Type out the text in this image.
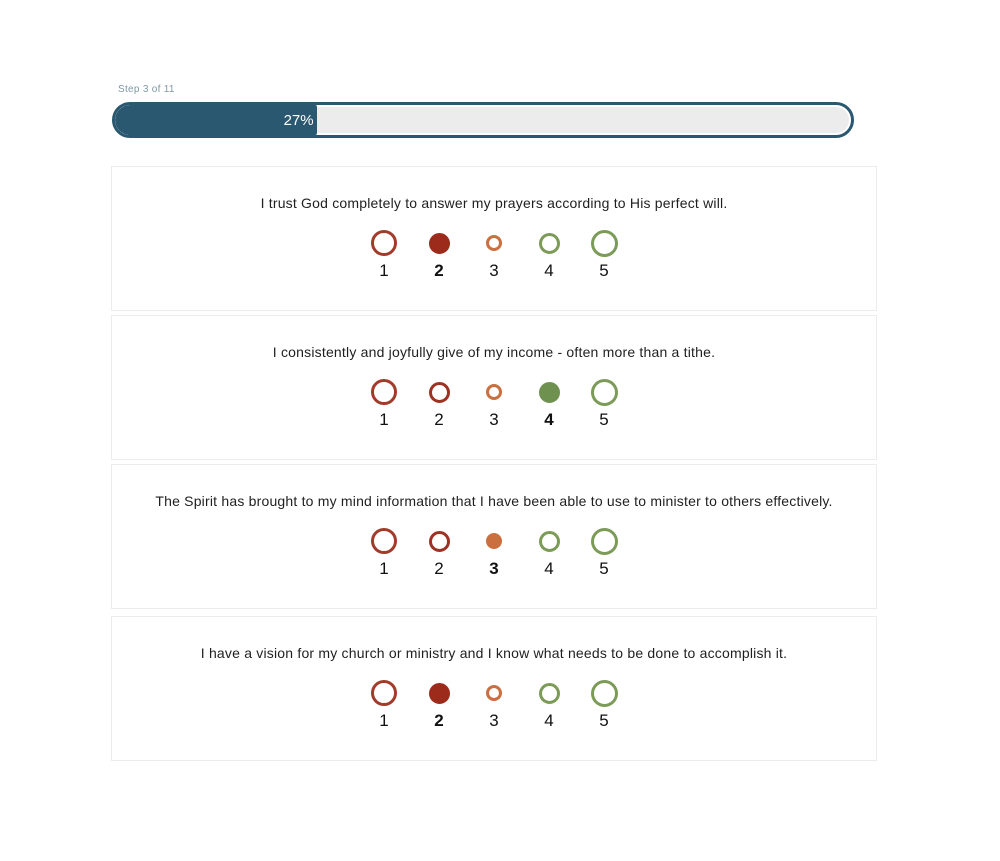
Step 3 of 11
27%

I trust God completely to answer my prayers according to His perfect will.

1	2	3	4	5

I consistently and joyfully give of my income - often more than a tithe.

1	2	3	4	5

The Spirit has brought to my mind information that I have been able to use to minister to others effectively.

1	2	3	4	5

I have a vision for my church or ministry and I know what needs to be done to accomplish it.

1	2	3	4	5
